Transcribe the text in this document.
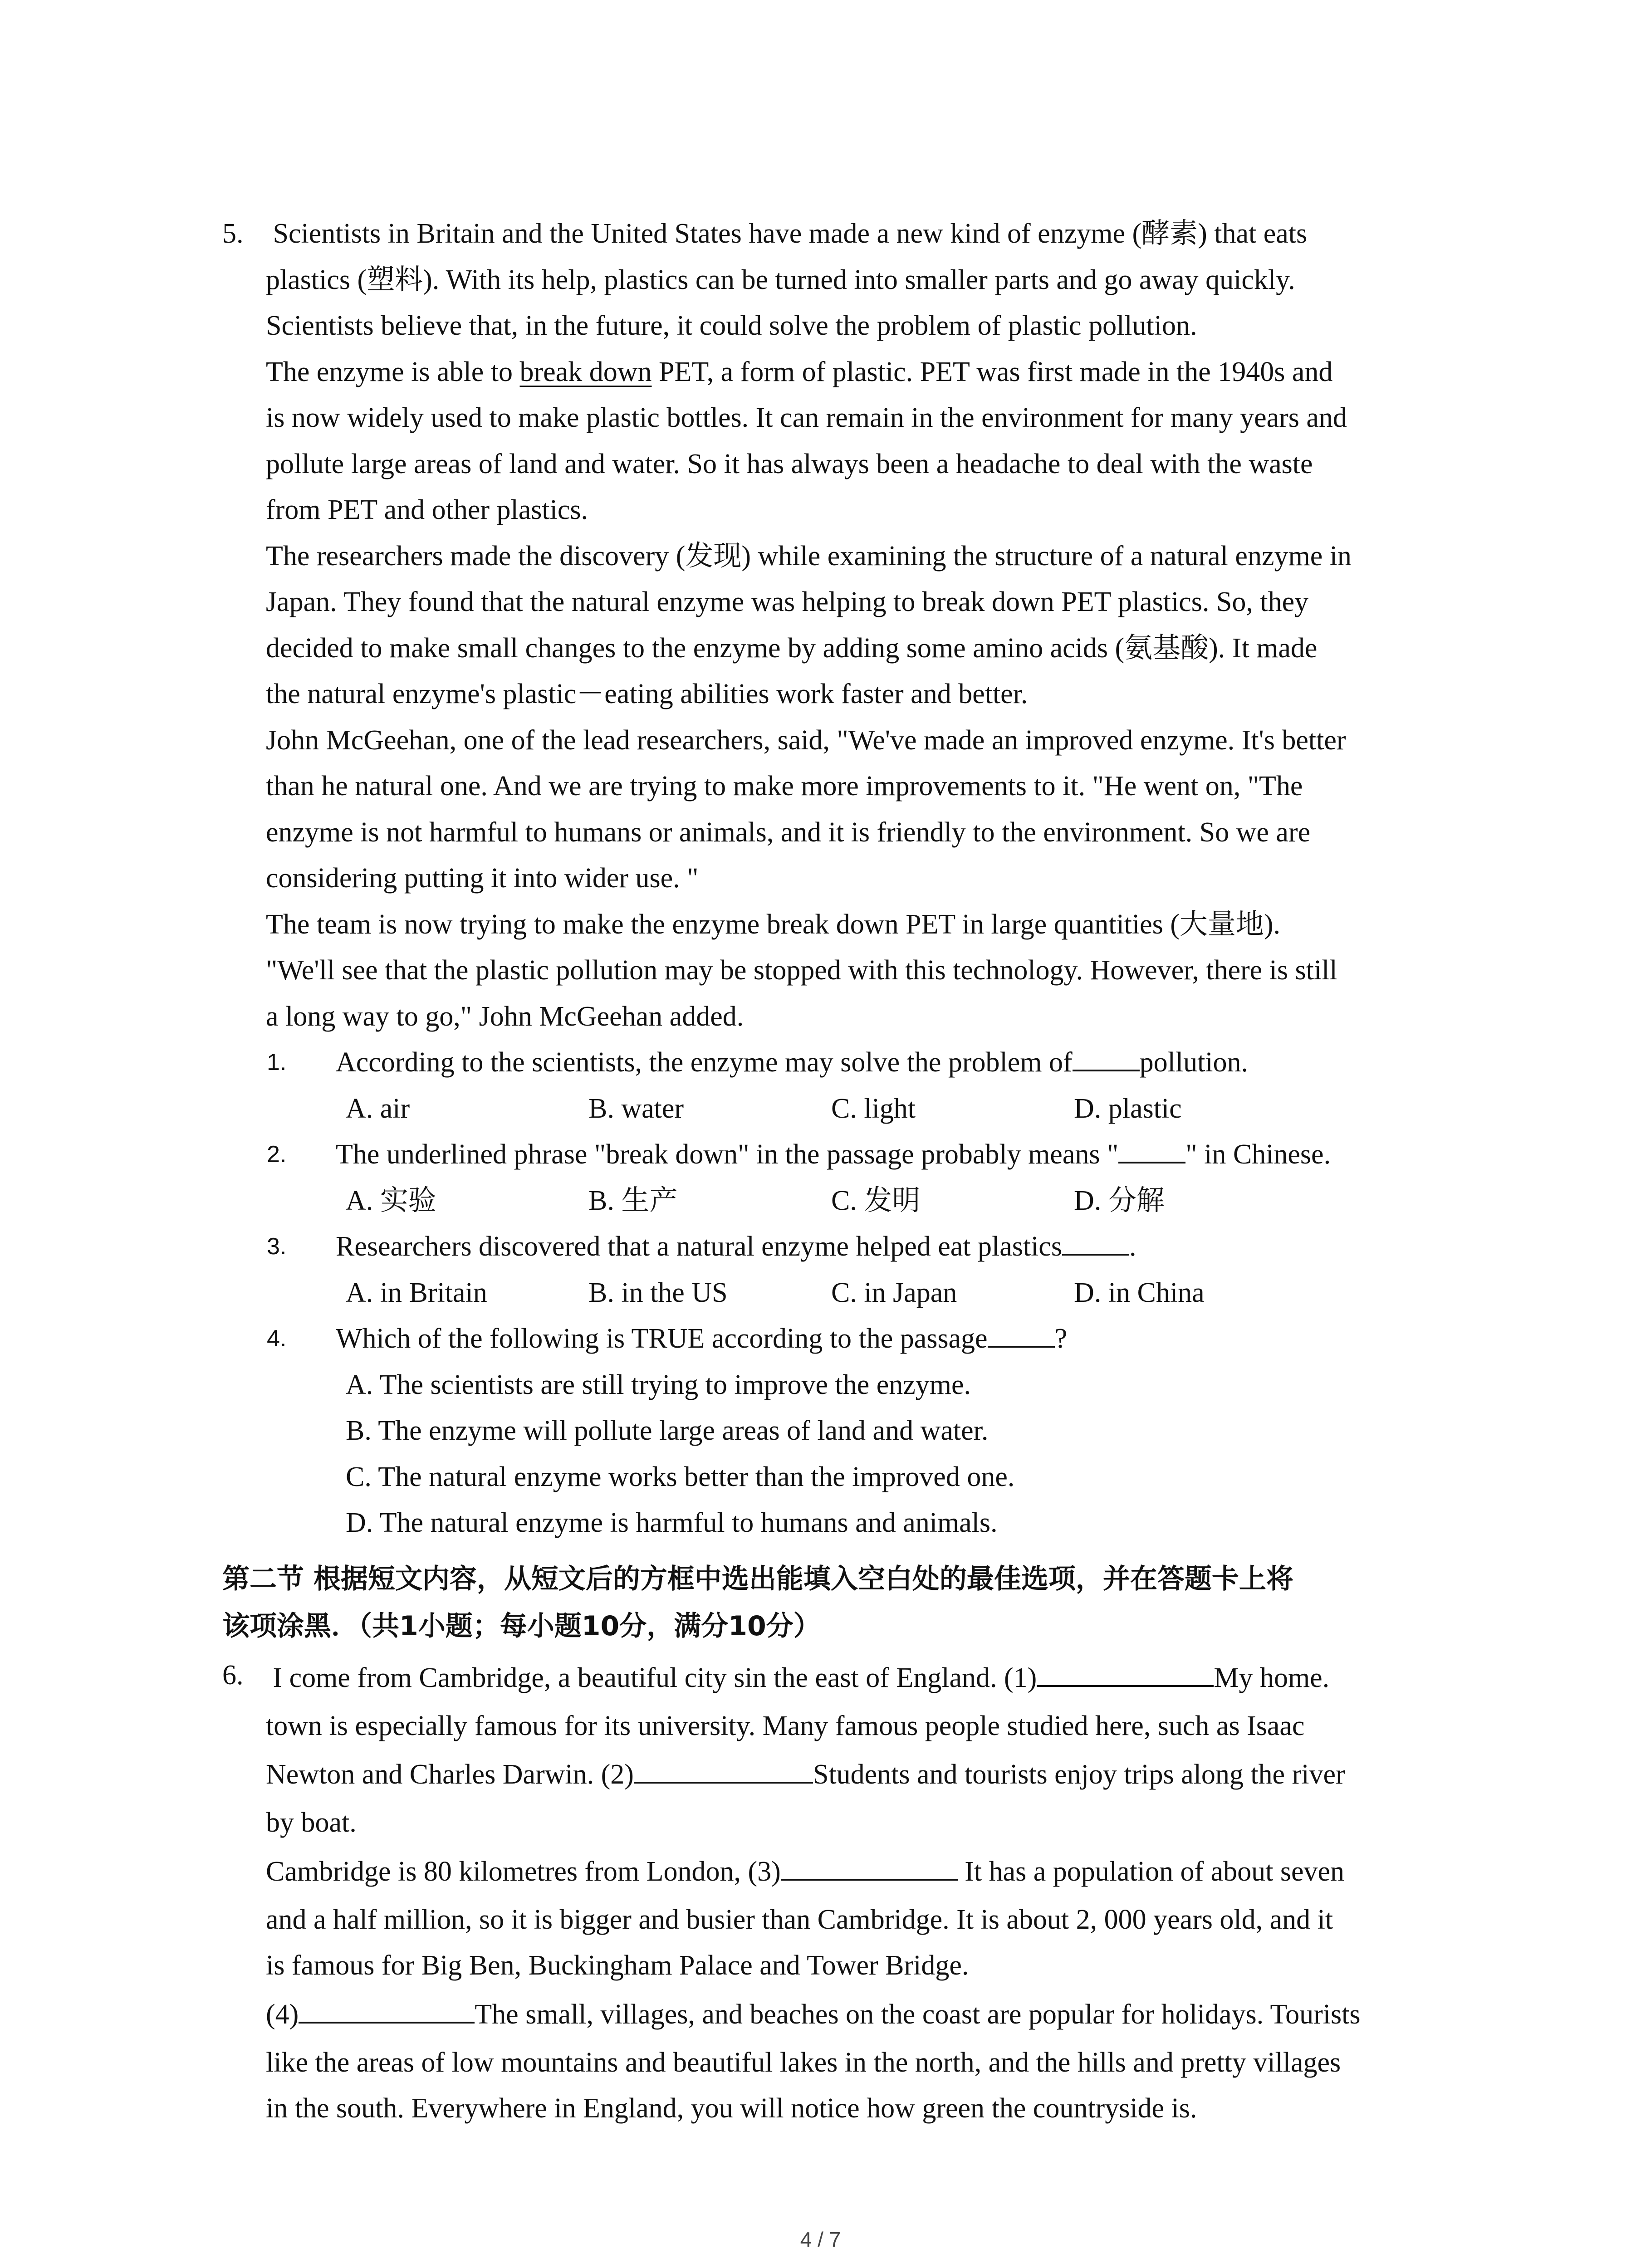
5. Scientists in Britain and the United States have made a new kind of enzyme (酵素) that eats
plastics (塑料). With its help, plastics can be turned into smaller parts and go away quickly.
Scientists believe that, in the future, it could solve the problem of plastic pollution.
The enzyme is able to break down PET, a form of plastic. PET was first made in the 1940s and
is now widely used to make plastic bottles. It can remain in the environment for many years and
pollute large areas of land and water. So it has always been a headache to deal with the waste
from PET and other plastics.
The researchers made the discovery (发现) while examining the structure of a natural enzyme in
Japan. They found that the natural enzyme was helping to break down PET plastics. So, they
decided to make small changes to the enzyme by adding some amino acids (氨基酸). It made
the natural enzyme's plastic－eating abilities work faster and better.
John McGeehan, one of the lead researchers, said, "We've made an improved enzyme. It's better
than he natural one. And we are trying to make more improvements to it. "He went on, "The
enzyme is not harmful to humans or animals, and it is friendly to the environment. So we are
considering putting it into wider use. "
The team is now trying to make the enzyme break down PET in large quantities (大量地).
"We'll see that the plastic pollution may be stopped with this technology. However, there is still
a long way to go," John McGeehan added.
1. According to the scientists, the enzyme may solve the problem of pollution.
A. air	B. water	C. light	D. plastic
2. The underlined phrase "break down" in the passage probably means " " in Chinese.
A. 实验	B. 生产	C. 发明	D. 分解
3. Researchers discovered that a natural enzyme helped eat plastics .
A. in Britain	B. in the US	C. in Japan	D. in China
4. Which of the following is TRUE according to the passage ?
A. The scientists are still trying to improve the enzyme.
B. The enzyme will pollute large areas of land and water.
C. The natural enzyme works better than the improved one.
D. The natural enzyme is harmful to humans and animals.
第二节 根据短文内容，从短文后的方框中选出能填入空白处的最佳选项，并在答题卡上将
该项涂黑．（共1小题；每小题10分，满分10分）
6. I come from Cambridge, a beautiful city sin the east of England. (1)	My home.
town is especially famous for its university. Many famous people studied here, such as Isaac
Newton and Charles Darwin. (2)	Students and tourists enjoy trips along the river
by boat.
Cambridge is 80 kilometres from London, (3)	It has a population of about seven
and a half million, so it is bigger and busier than Cambridge. It is about 2, 000 years old, and it
is famous for Big Ben, Buckingham Palace and Tower Bridge.
(4)	The small, villages, and beaches on the coast are popular for holidays. Tourists
like the areas of low mountains and beautiful lakes in the north, and the hills and pretty villages
in the south. Everywhere in England, you will notice how green the countryside is.
4 / 7
